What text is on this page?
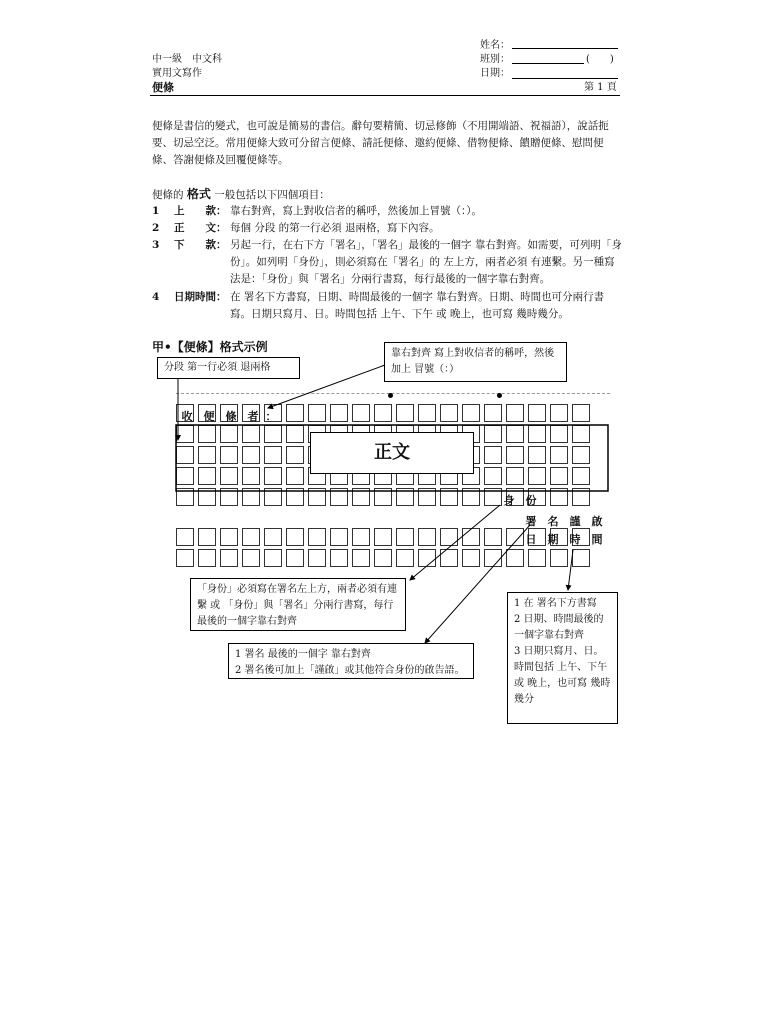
中一級　中文科
實用文寫作
便條
姓名：
班別：	(　　)
日期：
第 1 頁
便條是書信的變式，也可說是簡易的書信。辭句要精簡、切忌修飾（不用開端語、祝福語），說話扼要、切忌空泛。常用便條大致可分留言便條、請託便條、邀約便條、借物便條、饋贈便條、慰問便條、答謝便條及回覆便條等。
便條的 格式 一般包括以下四個項目：
1 上　　款： 靠右對齊，寫上對收信者的稱呼，然後加上冒號（：）。
2 正　　文： 每個 分段 的第一行必須 退兩格，寫下內容。
3 下　　款： 另起一行，在右下方「署名」，「署名」最後的一個字 靠右對齊。如需要，可列明「身份」。如列明「身份」，則必須寫在「署名」的 左上方，兩者必須 有連繫。另一種寫法是：「身份」與「署名」分兩行書寫，每行最後的一個字靠右對齊。
4 日期時間： 在 署名下方書寫，日期、時間最後的一個字 靠右對齊。日期、時間也可分兩行書寫。日期只寫月、日。時間包括 上午、下午 或 晚上，也可寫 幾時幾分。
甲•【便條】格式示例
分段 第一行必須 退兩格
靠右對齊 寫上對收信者的稱呼，然後加上 冒號（：）
收	便	條	者 ：
正文
身	份
署	名	謹	啟
日	期	時	間
「身份」必須寫在署名左上方，兩者必須有連繫 或 「身份」與「署名」分兩行書寫，每行最後的一個字靠右對齊
1 署名 最後的一個字 靠右對齊
2 署名後可加上「謹啟」或其他符合身份的啟告語。
1 在 署名下方書寫
2 日期、時間最後的一個字靠右對齊
3 日期只寫月、日。時間包括 上午、下午 或 晚上，也可寫 幾時幾分
